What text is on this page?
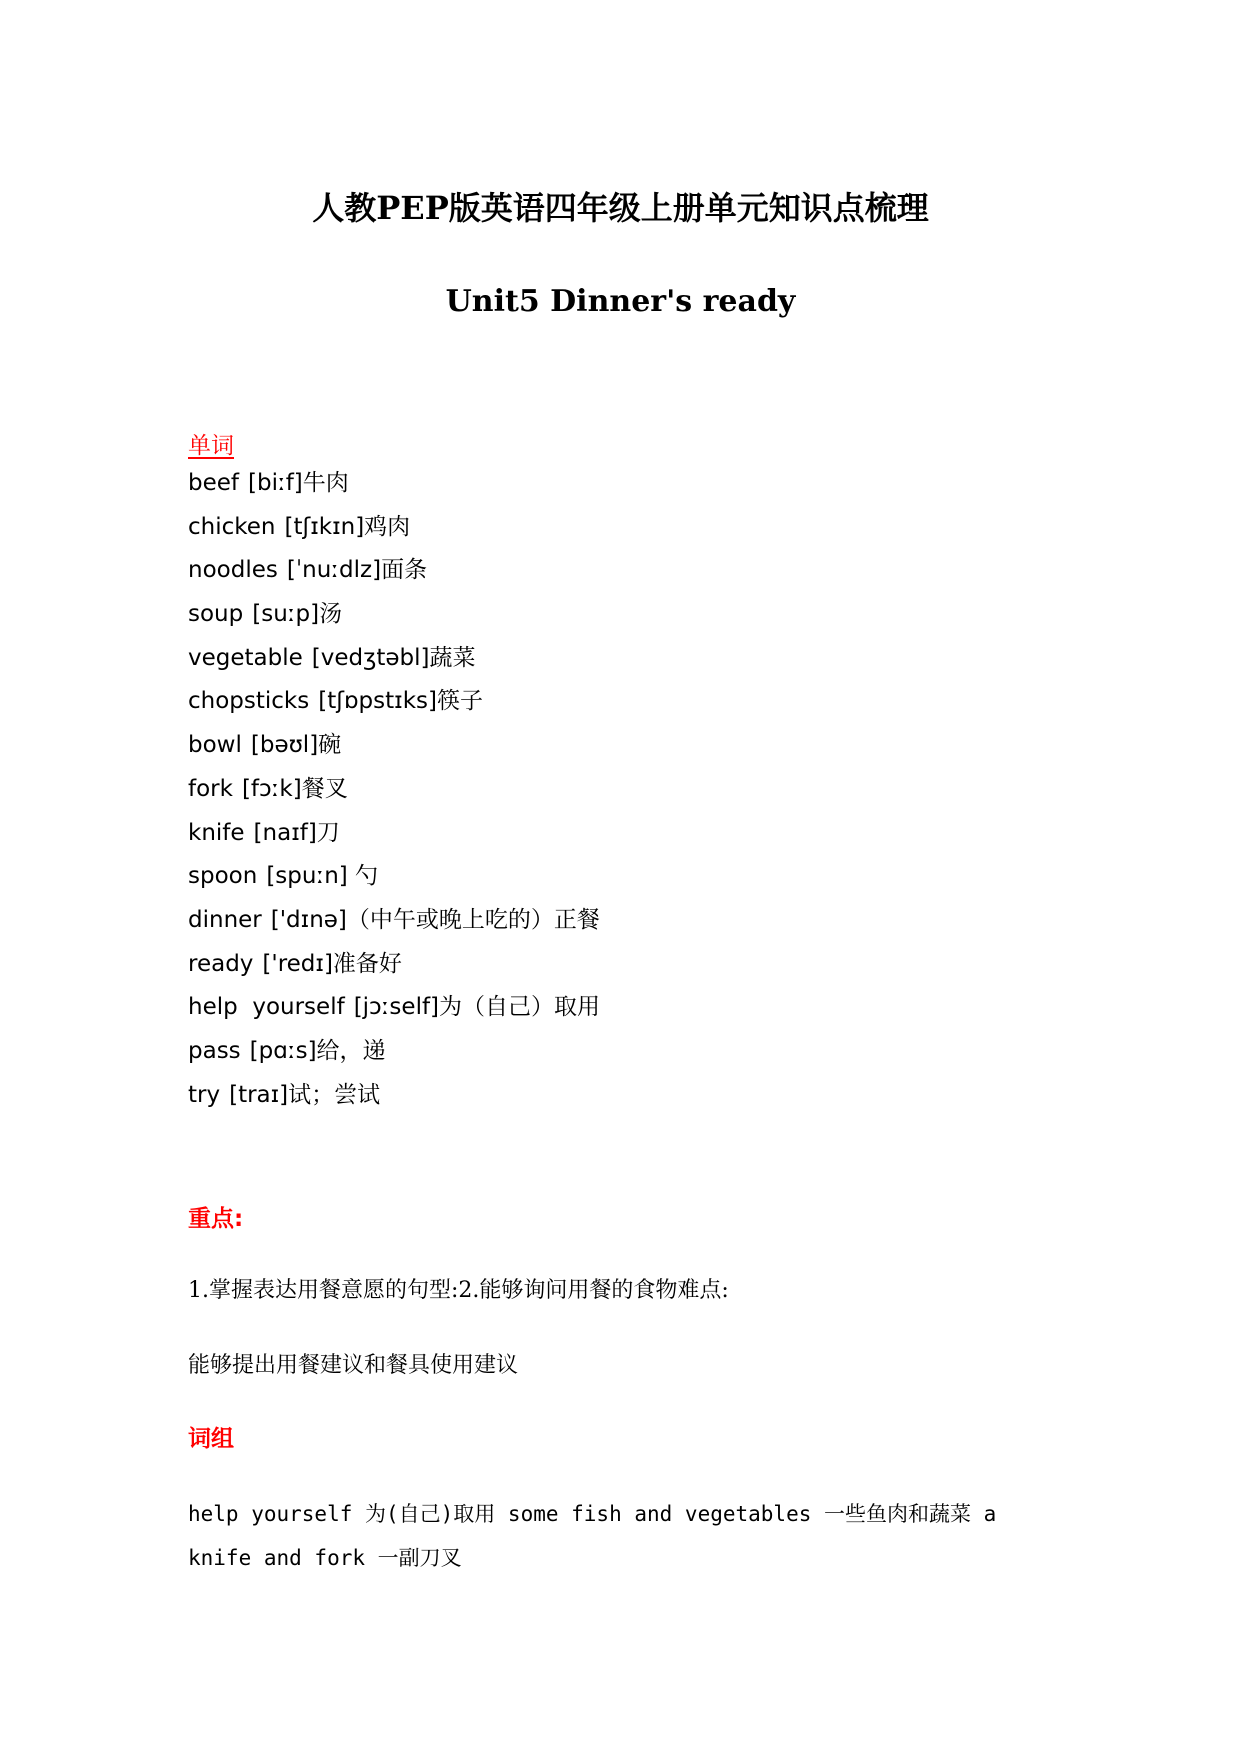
人教PEP版英语四年级上册单元知识点梳理
Unit5 Dinner's ready
单词
beef [biːf]牛肉
chicken [tʃɪkɪn]鸡肉
noodles [ˈnuːdlz]面条
soup [suːp]汤
vegetable [vedʒtəbl]蔬菜
chopsticks [tʃɒpstɪks]筷子
bowl [bəʊl]碗
fork [fɔːk]餐叉
knife [naɪf]刀
spoon [spuːn] 勺
dinner ['dɪnə]（中午或晚上吃的）正餐
ready ['redɪ]准备好
help  yourself [jɔːself]为（自己）取用
pass [pɑːs]给，递
try [traɪ]试；尝试
重点:

1.掌握表达用餐意愿的句型:2.能够询问用餐的食物难点:

能够提出用餐建议和餐具使用建议

词组

help yourself 为(自己)取用 some fish and vegetables 一些鱼肉和蔬菜 a knife and fork 一副刀叉
